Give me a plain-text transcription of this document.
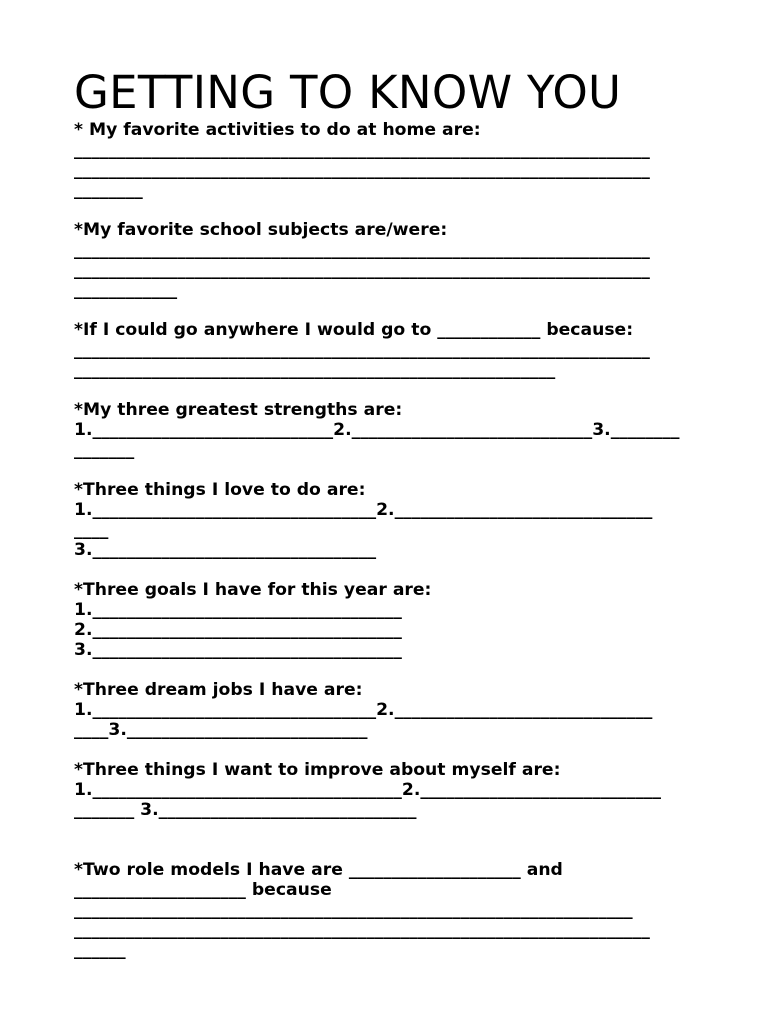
GETTING TO KNOW YOU

* My favorite activities to do at home are:

___________________________________________________________________

___________________________________________________________________

________

*My favorite school subjects are/were:

___________________________________________________________________

___________________________________________________________________

____________

*If I could go anywhere I would go to ____________ because:

___________________________________________________________________

________________________________________________________

*My three greatest strengths are:

1.____________________________2.____________________________3.________

_______

*Three things I love to do are:

1._________________________________2.______________________________

____

3._________________________________

*Three goals I have for this year are:

1.____________________________________

2.____________________________________

3.____________________________________

*Three dream jobs I have are:

1._________________________________2.______________________________

____3.____________________________

*Three things I want to improve about myself are:

1.____________________________________2.____________________________

_______ 3.______________________________

*Two role models I have are ____________________ and

____________________ because

_________________________________________________________________

___________________________________________________________________

______
